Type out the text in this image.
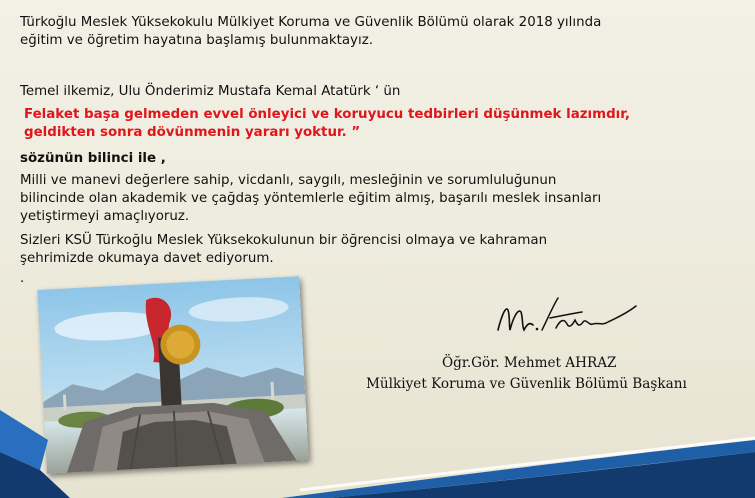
Türkoğlu Meslek Yüksekokulu Mülkiyet Koruma ve Güvenlik Bölümü olarak 2018 yılında
eğitim ve öğretim hayatına başlamış bulunmaktayız.
Temel ilkemiz, Ulu Önderimiz Mustafa Kemal Atatürk ‘ ün
Felaket başa gelmeden evvel önleyici ve koruyucu tedbirleri düşünmek lazımdır,
geldikten sonra dövünmenin yararı yoktur. ”
sözünün bilinci ile ,
Milli ve manevi değerlere sahip, vicdanlı, saygılı, mesleğinin ve sorumluluğunun
bilincinde olan akademik ve çağdaş yöntemlerle eğitim almış, başarılı meslek insanları
yetiştirmeyi amaçlıyoruz.
Sizleri KSÜ Türkoğlu Meslek Yüksekokulunun bir öğrencisi olmaya ve kahraman
şehrimizde okumaya davet ediyorum.
.
Öğr.Gör. Mehmet AHRAZ
Mülkiyet Koruma ve Güvenlik Bölümü Başkanı
